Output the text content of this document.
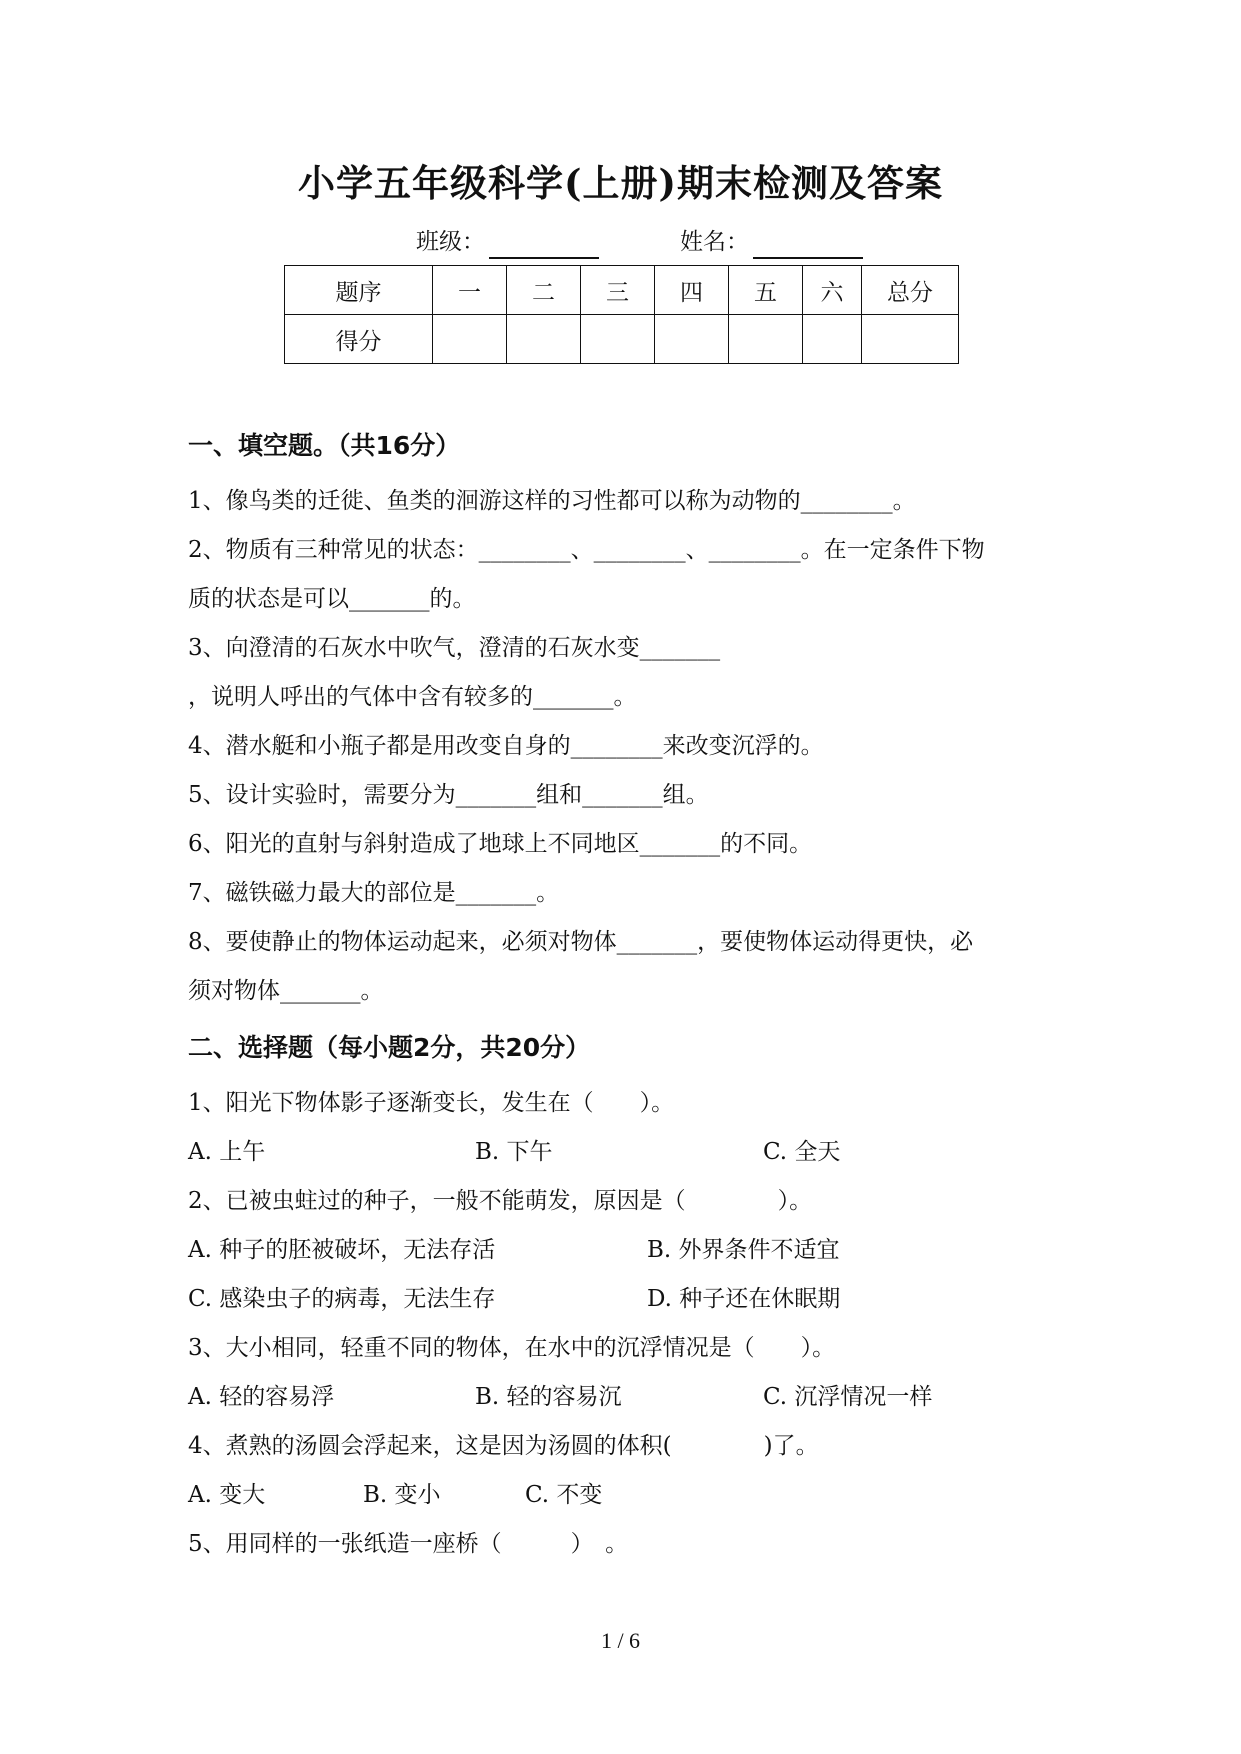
小学五年级科学(上册)期末检测及答案
班级：	姓名：
题序	一	二	三	四	五	六	总分
得分							
一、填空题。（共16分）
1、像鸟类的迁徙、鱼类的洄游这样的习性都可以称为动物的________。
2、物质有三种常见的状态：________、________、________。在一定条件下物
质的状态是可以_______的。
3、向澄清的石灰水中吹气，澄清的石灰水变_______
，说明人呼出的气体中含有较多的_______。
4、潜水艇和小瓶子都是用改变自身的________来改变沉浮的。
5、设计实验时，需要分为_______组和_______组。
6、阳光的直射与斜射造成了地球上不同地区_______的不同。
7、磁铁磁力最大的部位是_______。
8、要使静止的物体运动起来，必须对物体_______，要使物体运动得更快，必
须对物体_______。
二、选择题（每小题2分，共20分）
1、阳光下物体影子逐渐变长，发生在（　　）。
A. 上午	B. 下午	C. 全天
2、已被虫蛀过的种子，一般不能萌发，原因是（　　　　）。
A. 种子的胚被破坏，无法存活	B. 外界条件不适宜
C. 感染虫子的病毒，无法生存	D. 种子还在休眠期
3、大小相同，轻重不同的物体，在水中的沉浮情况是（　　）。
A. 轻的容易浮	B. 轻的容易沉	C. 沉浮情况一样
4、煮熟的汤圆会浮起来，这是因为汤圆的体积(　　　　)了。
A. 变大	B. 变小	C. 不变
5、用同样的一张纸造一座桥（　　　）　。
1 / 6
